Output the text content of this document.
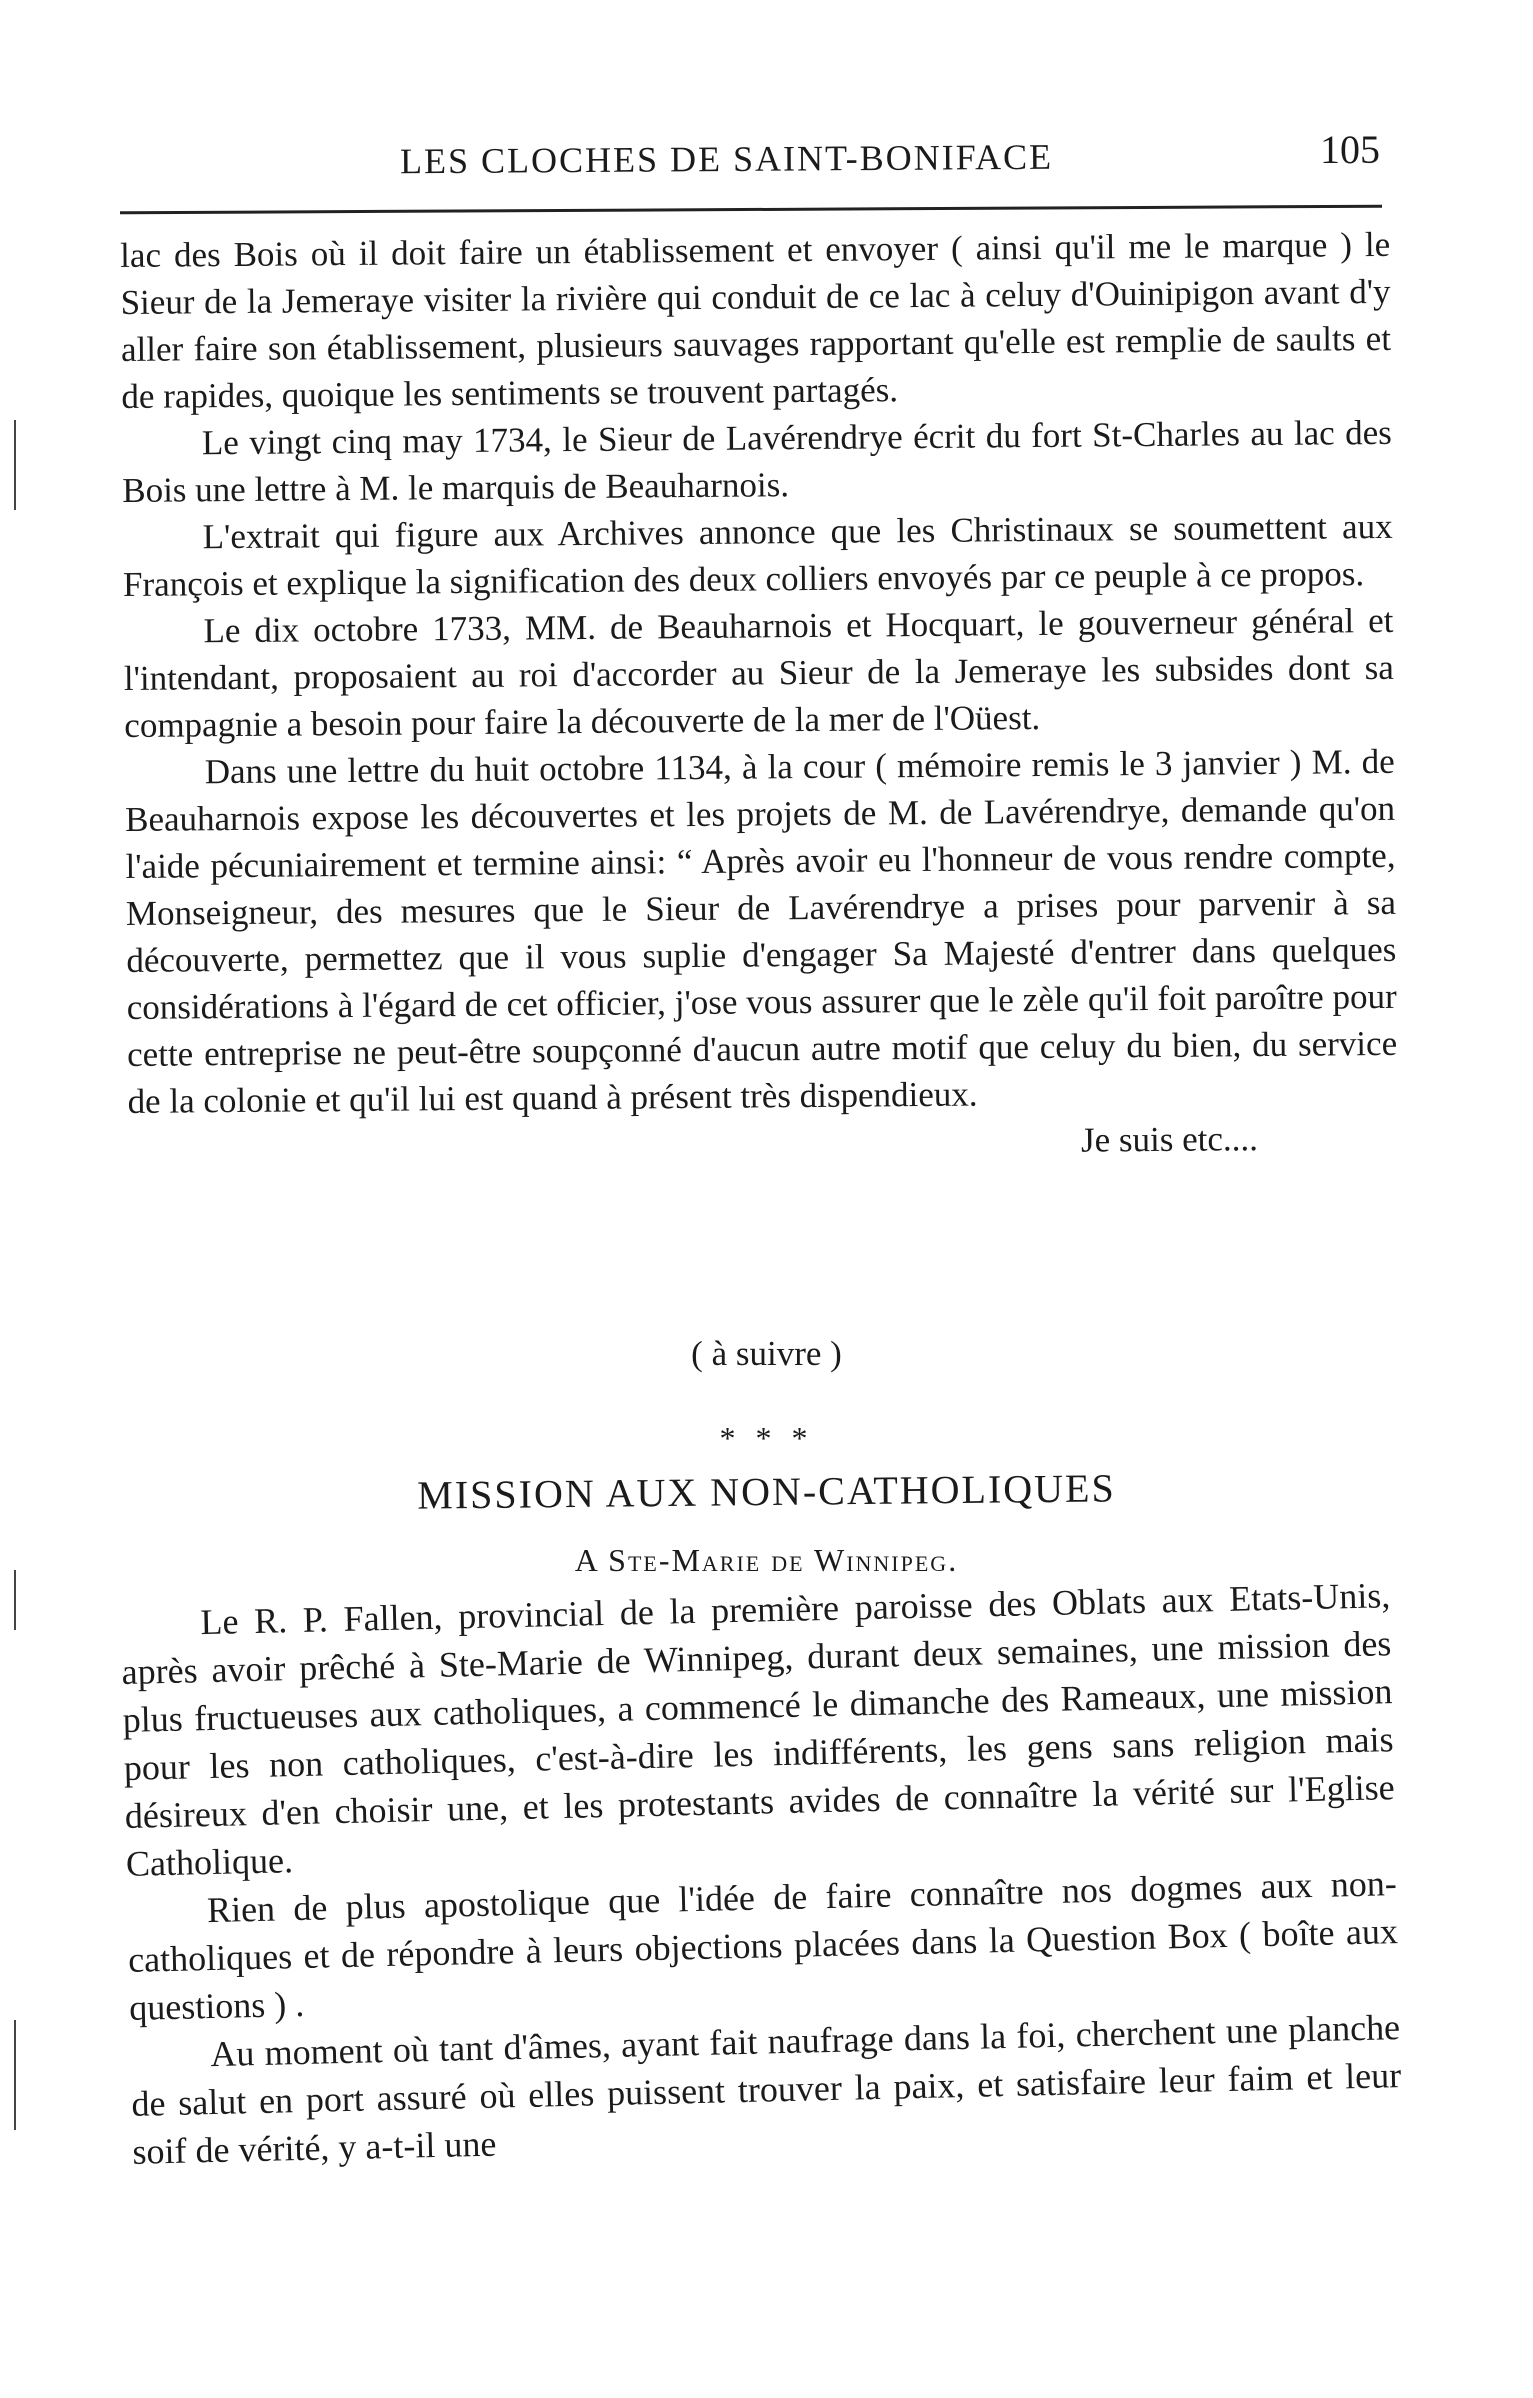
LES CLOCHES DE SAINT-BONIFACE	105

lac des Bois où il doit faire un établissement et envoyer ( ainsi qu'il me le marque ) le Sieur de la Jemeraye visiter la rivière qui conduit de ce lac à celuy d'Ouinipigon avant d'y aller faire son établissement, plusieurs sauvages rapportant qu'elle est remplie de saults et de rapides, quoique les sentiments se trouvent partagés.

Le vingt cinq may 1734, le Sieur de Lavérendrye écrit du fort St-Charles au lac des Bois une lettre à M. le marquis de Beauharnois.

L'extrait qui figure aux Archives annonce que les Christinaux se soumettent aux François et explique la signification des deux colliers envoyés par ce peuple à ce propos.

Le dix octobre 1733, MM. de Beauharnois et Hocquart, le gouverneur général et l'intendant, proposaient au roi d'accorder au Sieur de la Jemeraye les subsides dont sa compagnie a besoin pour faire la découverte de la mer de l'Oüest.

Dans une lettre du huit octobre 1134, à la cour ( mémoire remis le 3 janvier ) M. de Beauharnois expose les découvertes et les projets de M. de Lavérendrye, demande qu'on l'aide pécuniairement et termine ainsi: “ Après avoir eu l'honneur de vous rendre compte, Monseigneur, des mesures que le Sieur de Lavérendrye a prises pour parvenir à sa découverte, permettez que il vous suplie d'engager Sa Majesté d'entrer dans quelques considérations à l'égard de cet officier, j'ose vous assurer que le zèle qu'il foit paroître pour cette entreprise ne peut-être soupçonné d'aucun autre motif que celuy du bien, du service de la colonie et qu'il lui est quand à présent très dispendieux.

Je suis etc....

( à suivre )
* * *
MISSION AUX NON-CATHOLIQUES
A Ste-Marie de Winnipeg.

Le R. P. Fallen, provincial de la première paroisse des Oblats aux Etats-Unis, après avoir prêché à Ste-Marie de Winnipeg, durant deux semaines, une mission des plus fructueuses aux catholiques, a commencé le dimanche des Rameaux, une mission pour les non catholiques, c'est-à-dire les indifférents, les gens sans religion mais désireux d'en choisir une, et les protestants avides de connaître la vérité sur l'Eglise Catholique.

Rien de plus apostolique que l'idée de faire connaître nos dogmes aux non-catholiques et de répondre à leurs objections placées dans la Question Box ( boîte aux questions ) .

Au moment où tant d'âmes, ayant fait naufrage dans la foi, cherchent une planche de salut en port assuré où elles puissent trouver la paix, et satisfaire leur faim et leur soif de vérité, y a-t-il une
